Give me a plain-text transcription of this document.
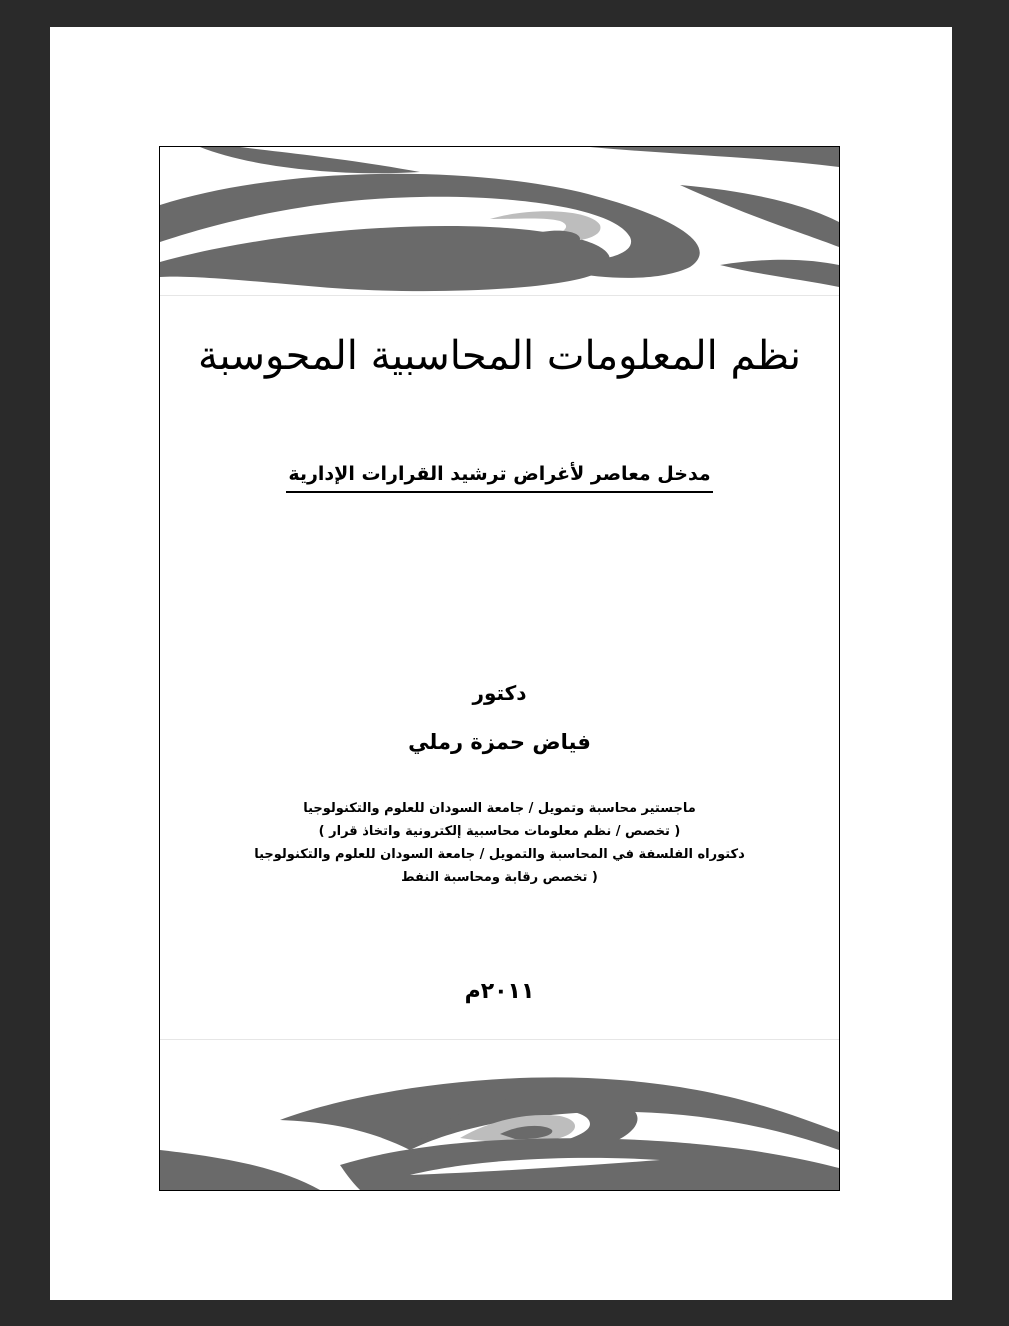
نظم المعلومات المحاسبية المحوسبة
مدخل معاصر لأغراض ترشيد القرارات الإدارية
دكتور
فياض حمزة رملي
ماجستير محاسبة وتمويل / جامعة السودان للعلوم والتكنولوجيا
( تخصص / نظم معلومات محاسبية إلكترونية واتخاذ قرار )
دكتوراه الفلسفة في المحاسبة والتمويل / جامعة السودان للعلوم والتكنولوجيا
( تخصص رقابة ومحاسبة النفط
٢٠١١م
